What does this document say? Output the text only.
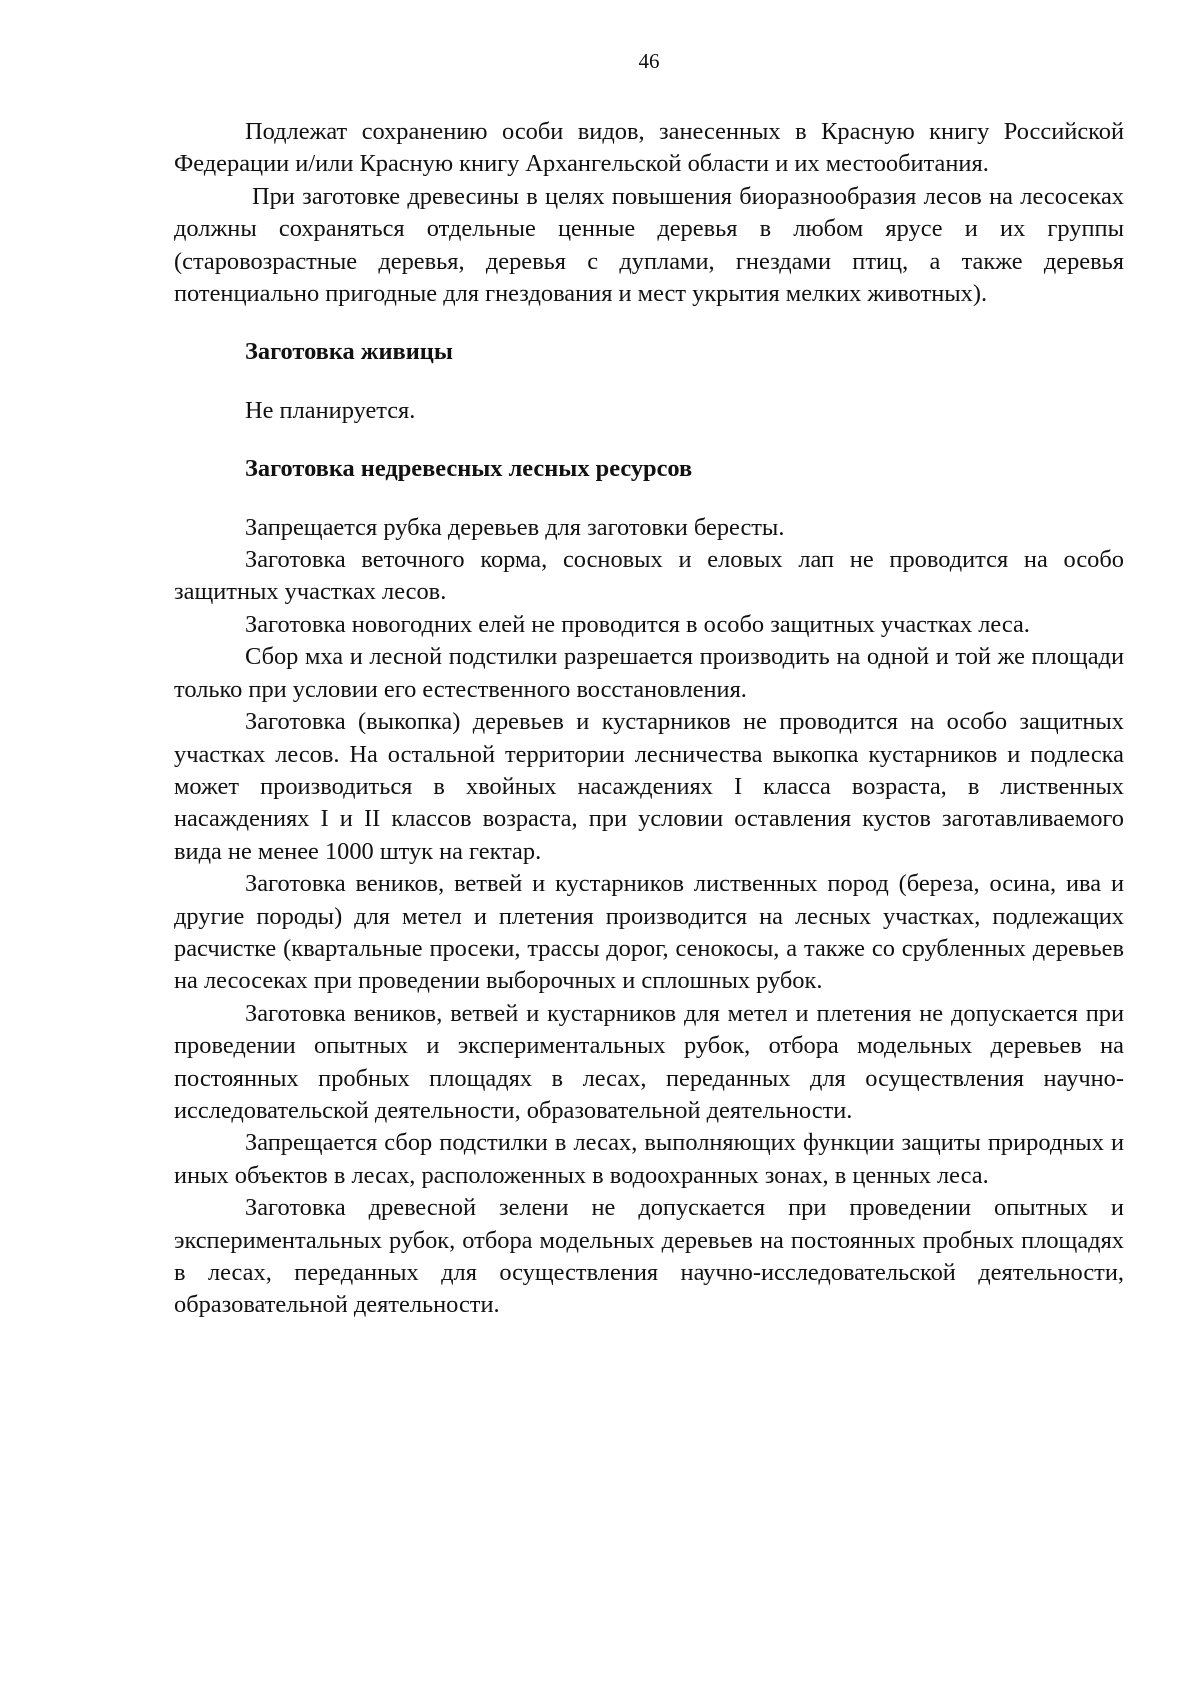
46

Подлежат сохранению особи видов, занесенных в Красную книгу Российской Федерации и/или Красную книгу Архангельской области и их местообитания.

При заготовке древесины в целях повышения биоразнообразия лесов на лесосеках должны сохраняться отдельные ценные деревья в любом ярусе и их группы (старовозрастные деревья, деревья с дуплами, гнездами птиц, а также деревья потенциально пригодные для гнездования и мест укрытия мелких животных).

Заготовка живицы

Не планируется.

Заготовка недревесных лесных ресурсов

Запрещается рубка деревьев для заготовки бересты.

Заготовка веточного корма, сосновых и еловых лап не проводится на особо защитных участках лесов.

Заготовка новогодних елей не проводится в особо защитных участках леса.

Сбор мха и лесной подстилки разрешается производить на одной и той же площади только при условии его естественного восстановления.

Заготовка (выкопка) деревьев и кустарников не проводится на особо защитных участках лесов. На остальной территории лесничества выкопка кустарников и подлеска может производиться в хвойных насаждениях I класса возраста, в лиственных насаждениях I и II классов возраста, при условии оставления кустов заготавливаемого вида не менее 1000 штук на гектар.

Заготовка веников, ветвей и кустарников лиственных пород (береза, осина, ива и другие породы) для метел и плетения производится на лесных участках, подлежащих расчистке (квартальные просеки, трассы дорог, сенокосы, а также со срубленных деревьев на лесосеках при проведении выборочных и сплошных рубок.

Заготовка веников, ветвей и кустарников для метел и плетения не допускается при проведении опытных и экспериментальных рубок, отбора модельных деревьев на постоянных пробных площадях в лесах, переданных для осуществления научно-исследовательской деятельности, образовательной деятельности.

Запрещается сбор подстилки в лесах, выполняющих функции защиты природных и иных объектов в лесах, расположенных в водоохранных зонах, в ценных леса.

Заготовка древесной зелени не допускается при проведении опытных и экспериментальных рубок, отбора модельных деревьев на постоянных пробных площадях в лесах, переданных для осуществления научно-исследовательской деятельности, образовательной деятельности.
